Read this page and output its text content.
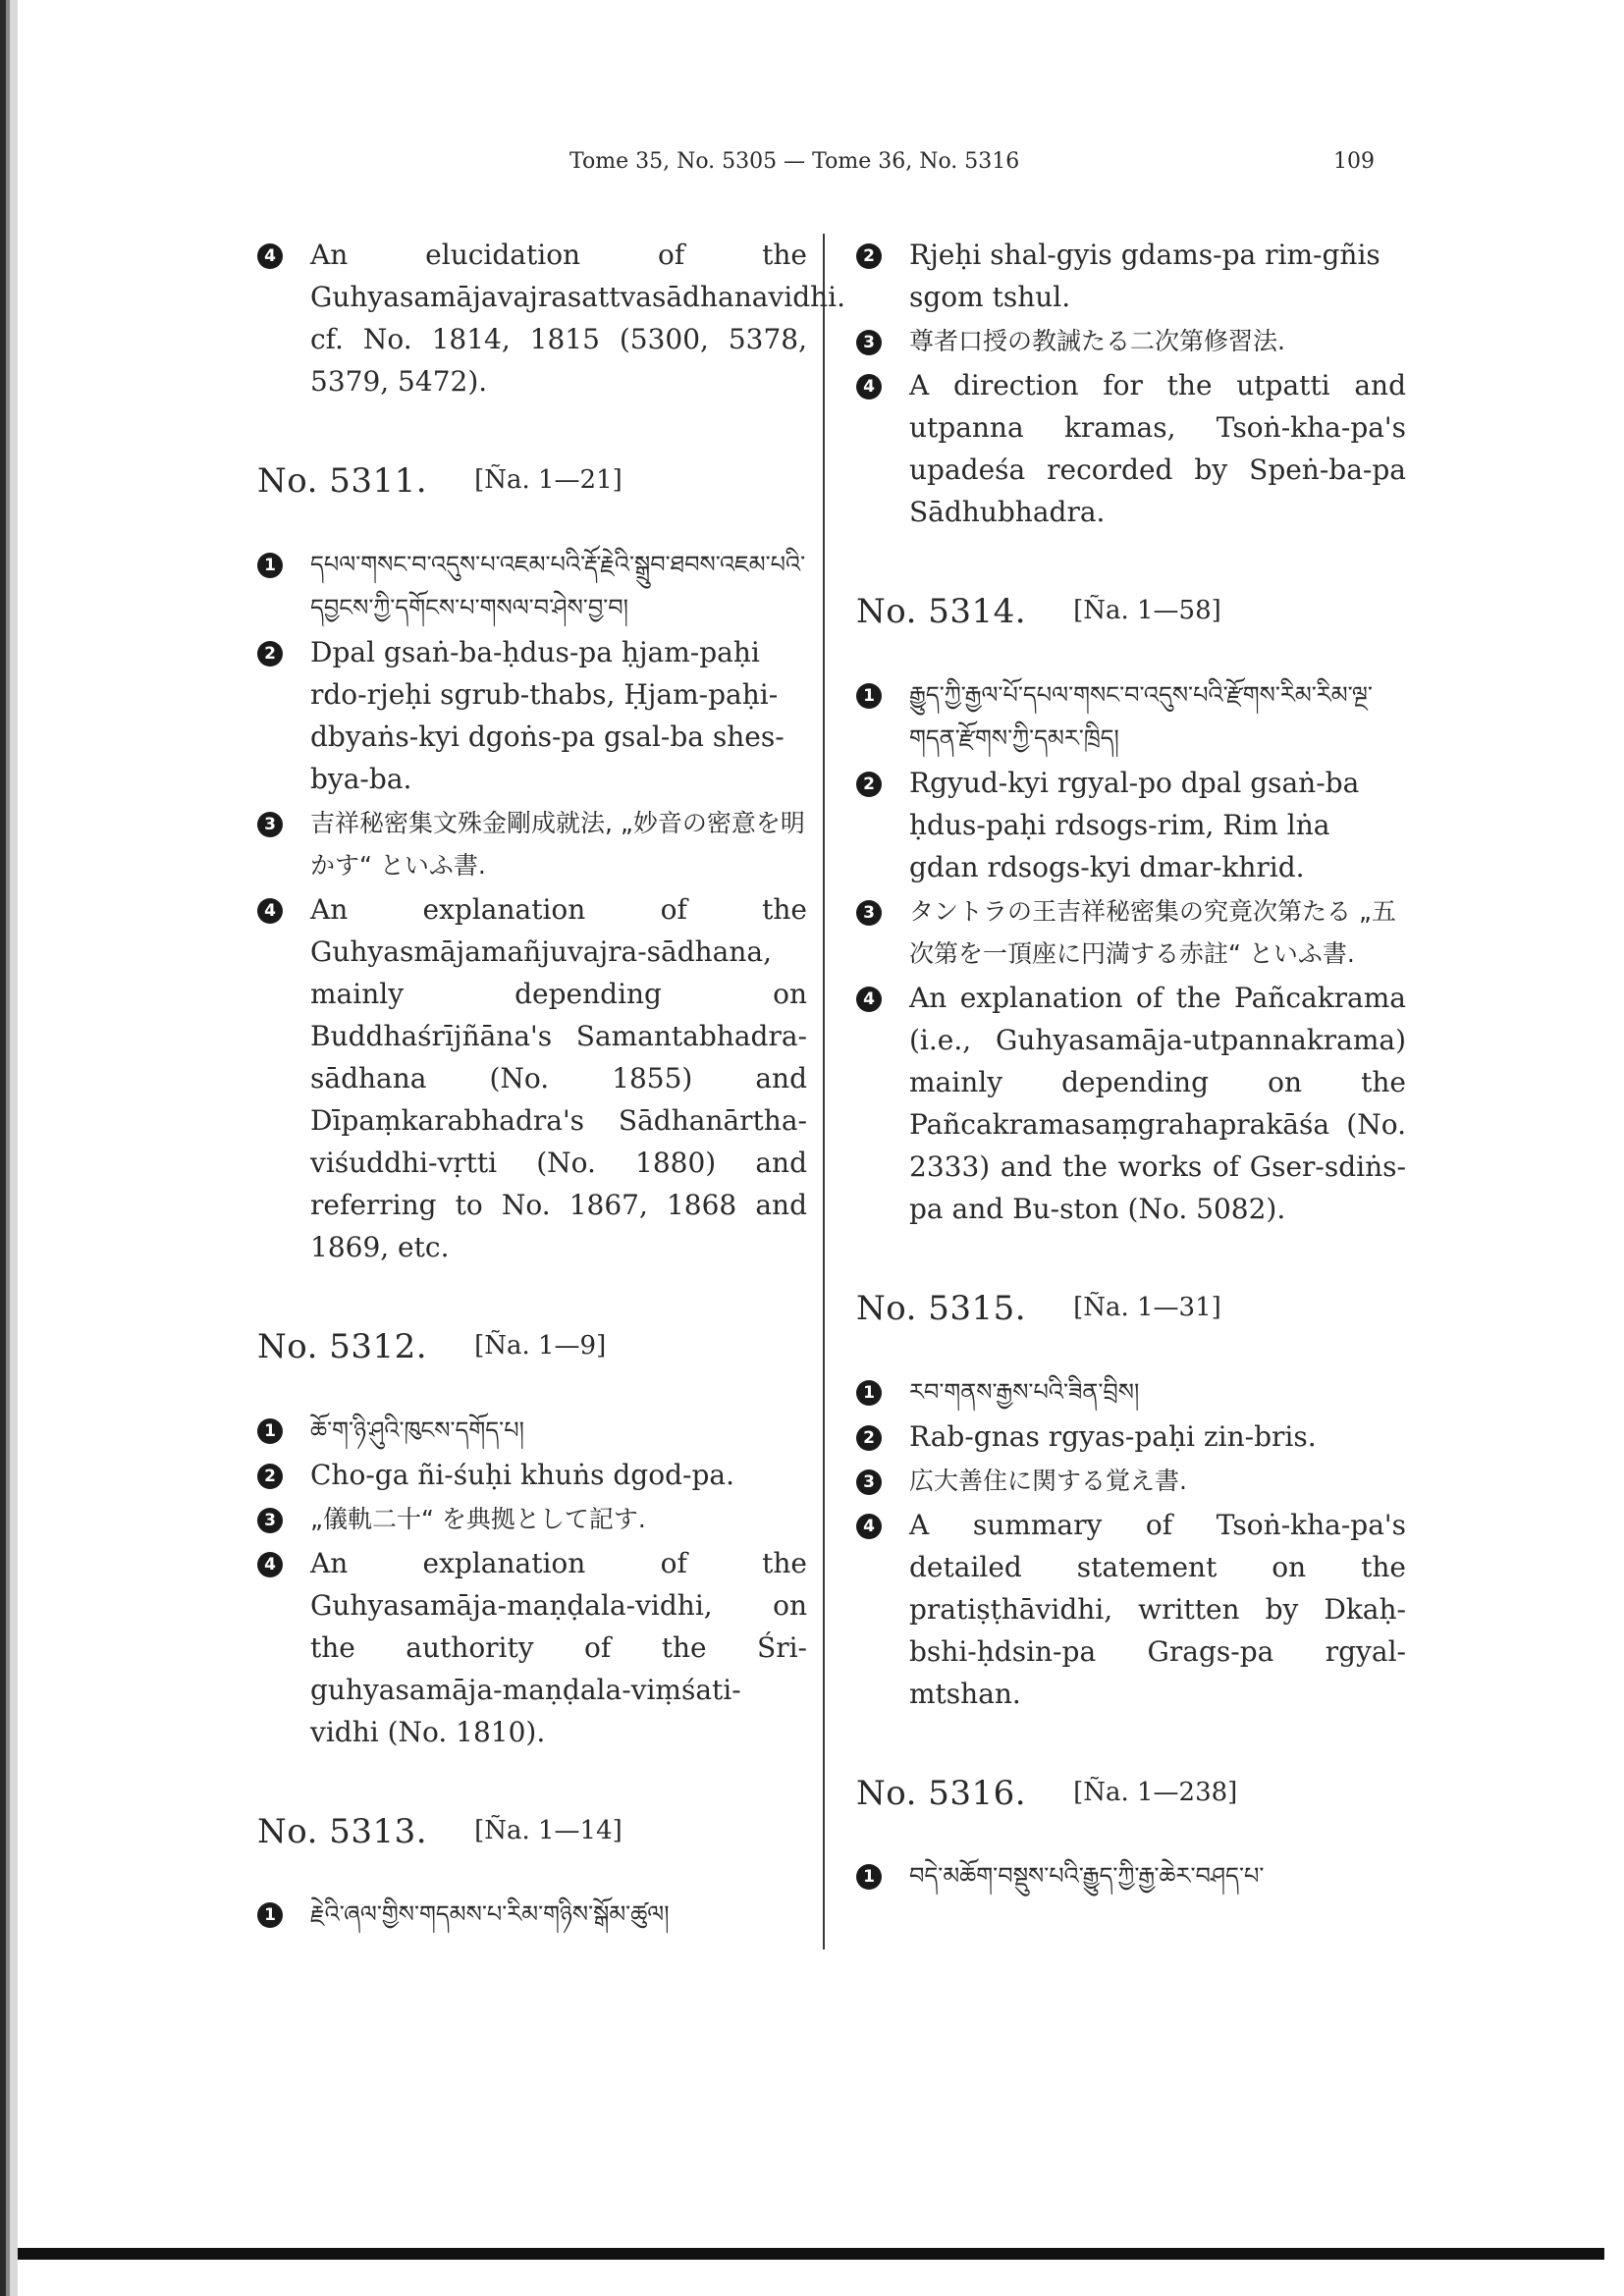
Tome 35, No. 5305 — Tome 36, No. 5316	109
4 An elucidation of the Guhyasamājavajrasattvasādhanavidhi. cf. No. 1814, 1815 (5300, 5378, 5379, 5472).
No. 5311. [Ña. 1—21]
1 དཔལ་གསང་བ་འདུས་པ་འཇམ་པའི་རྡོ་རྗེའི་སྒྲུབ་ཐབས་འཇམ་པའི་དབྱངས་ཀྱི་དགོངས་པ་གསལ་བ་ཤེས་བྱ་བ།
2 Dpal gsaṅ-ba-ḥdus-pa ḥjam-paḥi rdo-rjeḥi sgrub-thabs, Ḥjam-paḥi-dbyaṅs-kyi dgoṅs-pa gsal-ba shes-bya-ba.
3 吉祥秘密集文殊金剛成就法, „妙音の密意を明かす“ といふ書.
4 An explanation of the Guhyasmājamañjuvajra-sādhana, mainly depending on Buddhaśrījñāna's Samantabhadra-sādhana (No. 1855) and Dīpaṃkarabhadra's Sādhanārtha-viśuddhi-vṛtti (No. 1880) and referring to No. 1867, 1868 and 1869, etc.
No. 5312. [Ña. 1—9]
1 ཆོ་ག་ཉི་ཤུའི་ཁུངས་དགོད་པ།
2 Cho-ga ñi-śuḥi khuṅs dgod-pa.
3 „儀軌二十“ を典拠として記す.
4 An explanation of the Guhyasamāja-maṇḍala-vidhi, on the authority of the Śri-guhyasamāja-maṇḍala-viṃśati-vidhi (No. 1810).
No. 5313. [Ña. 1—14]
1 རྗེའི་ཞལ་གྱིས་གདམས་པ་རིམ་གཉིས་སྒོམ་ཚུལ།
2 Rjeḥi shal-gyis gdams-pa rim-gñis sgom tshul.
3 尊者口授の教誡たる二次第修習法.
4 A direction for the utpatti and utpanna kramas, Tsoṅ-kha-pa's upadeśa recorded by Speṅ-ba-pa Sādhubhadra.
No. 5314. [Ña. 1—58]
1 རྒྱུད་ཀྱི་རྒྱལ་པོ་དཔལ་གསང་བ་འདུས་པའི་རྫོགས་རིམ་རིམ་ལྔ་གདན་རྫོགས་ཀྱི་དམར་ཁྲིད།
2 Rgyud-kyi rgyal-po dpal gsaṅ-ba ḥdus-paḥi rdsogs-rim, Rim lṅa gdan rdsogs-kyi dmar-khrid.
3 タントラの王吉祥秘密集の究竟次第たる „五次第を一頂座に円満する赤註“ といふ書.
4 An explanation of the Pañcakrama (i.e., Guhyasamāja-utpannakrama) mainly depending on the Pañcakramasaṃgrahaprakāśa (No. 2333) and the works of Gser-sdiṅs-pa and Bu-ston (No. 5082).
No. 5315. [Ña. 1—31]
1 རབ་གནས་རྒྱས་པའི་ཟིན་བྲིས།
2 Rab-gnas rgyas-paḥi zin-bris.
3 広大善住に関する覚え書.
4 A summary of Tsoṅ-kha-pa's detailed statement on the pratiṣṭhāvidhi, written by Dkaḥ-bshi-ḥdsin-pa Grags-pa rgyal-mtshan.
No. 5316. [Ña. 1—238]
1 བདེ་མཆོག་བསྡུས་པའི་རྒྱུད་ཀྱི་རྒྱ་ཆེར་བཤད་པ་
